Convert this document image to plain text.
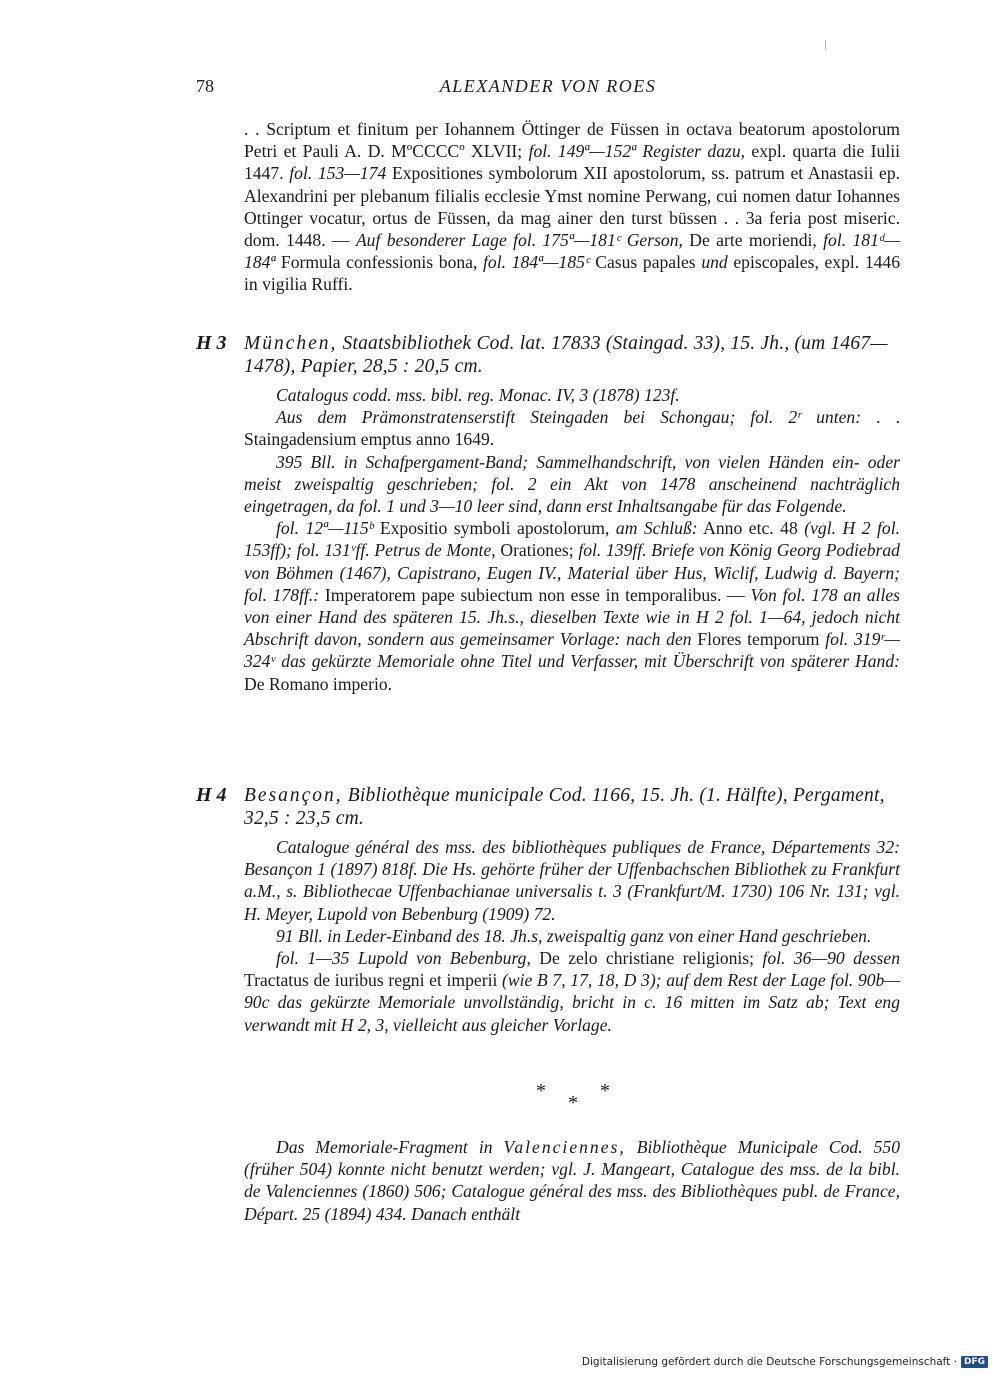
78	ALEXANDER VON ROES

. . Scriptum et finitum per Iohannem Öttinger de Füssen in octava beatorum apostolorum Petri et Pauli A. D. MºCCCCº XLVII; fol. 149ª—152ª Register dazu, expl. quarta die Iulii 1447. fol. 153—174 Expositiones symbolorum XII apostolorum, ss. patrum et Anastasii ep. Alexandrini per plebanum filialis ecclesie Ymst nomine Perwang, cui nomen datur Iohannes Ottinger vocatur, ortus de Füssen, da mag ainer den turst büssen . . 3a feria post miseric. dom. 1448. — Auf besonderer Lage fol. 175ª—181ᶜ Gerson, De arte moriendi, fol. 181ᵈ—184ª Formula confessionis bona, fol. 184ª—185ᶜ Casus papales und episcopales, expl. 1446 in vigilia Ruffi.

H 3 München, Staatsbibliothek Cod. lat. 17833 (Staingad. 33), 15. Jh., (um 1467—1478), Papier, 28,5 : 20,5 cm.

Catalogus codd. mss. bibl. reg. Monac. IV, 3 (1878) 123f.

Aus dem Prämonstratenserstift Steingaden bei Schongau; fol. 2ʳ unten: . . Staingadensium emptus anno 1649.

395 Bll. in Schafpergament-Band; Sammelhandschrift, von vielen Händen ein- oder meist zweispaltig geschrieben; fol. 2 ein Akt von 1478 anscheinend nachträglich eingetragen, da fol. 1 und 3—10 leer sind, dann erst Inhaltsangabe für das Folgende.

fol. 12ª—115ᵇ Expositio symboli apostolorum, am Schluß: Anno etc. 48 (vgl. H 2 fol. 153ff); fol. 131ᵛff. Petrus de Monte, Orationes; fol. 139ff. Briefe von König Georg Podiebrad von Böhmen (1467), Capistrano, Eugen IV., Material über Hus, Wiclif, Ludwig d. Bayern; fol. 178ff.: Imperatorem pape subiectum non esse in temporalibus. — Von fol. 178 an alles von einer Hand des späteren 15. Jh.s., dieselben Texte wie in H 2 fol. 1—64, jedoch nicht Abschrift davon, sondern aus gemeinsamer Vorlage: nach den Flores temporum fol. 319ʳ—324ᵛ das gekürzte Memoriale ohne Titel und Verfasser, mit Überschrift von späterer Hand: De Romano imperio.

H 4 Besançon, Bibliothèque municipale Cod. 1166, 15. Jh. (1. Hälfte), Pergament, 32,5 : 23,5 cm.

Catalogue général des mss. des bibliothèques publiques de France, Départements 32: Besançon 1 (1897) 818f. Die Hs. gehörte früher der Uffenbachschen Bibliothek zu Frankfurt a.M., s. Bibliothecae Uffenbachianae universalis t. 3 (Frankfurt/M. 1730) 106 Nr. 131; vgl. H. Meyer, Lupold von Bebenburg (1909) 72.

91 Bll. in Leder-Einband des 18. Jh.s, zweispaltig ganz von einer Hand geschrieben.

fol. 1—35 Lupold von Bebenburg, De zelo christiane religionis; fol. 36—90 dessen Tractatus de iuribus regni et imperii (wie B 7, 17, 18, D 3); auf dem Rest der Lage fol. 90b—90c das gekürzte Memoriale unvollständig, bricht in c. 16 mitten im Satz ab; Text eng verwandt mit H 2, 3, vielleicht aus gleicher Vorlage.

*
*
*

Das Memoriale-Fragment in Valenciennes, Bibliothèque Municipale Cod. 550 (früher 504) konnte nicht benutzt werden; vgl. J. Mangeart, Catalogue des mss. de la bibl. de Valenciennes (1860) 506; Catalogue général des mss. des Bibliothèques publ. de France, Départ. 25 (1894) 434. Danach enthält

Digitalisierung gefördert durch die Deutsche Forschungsgemeinschaft · DFG
